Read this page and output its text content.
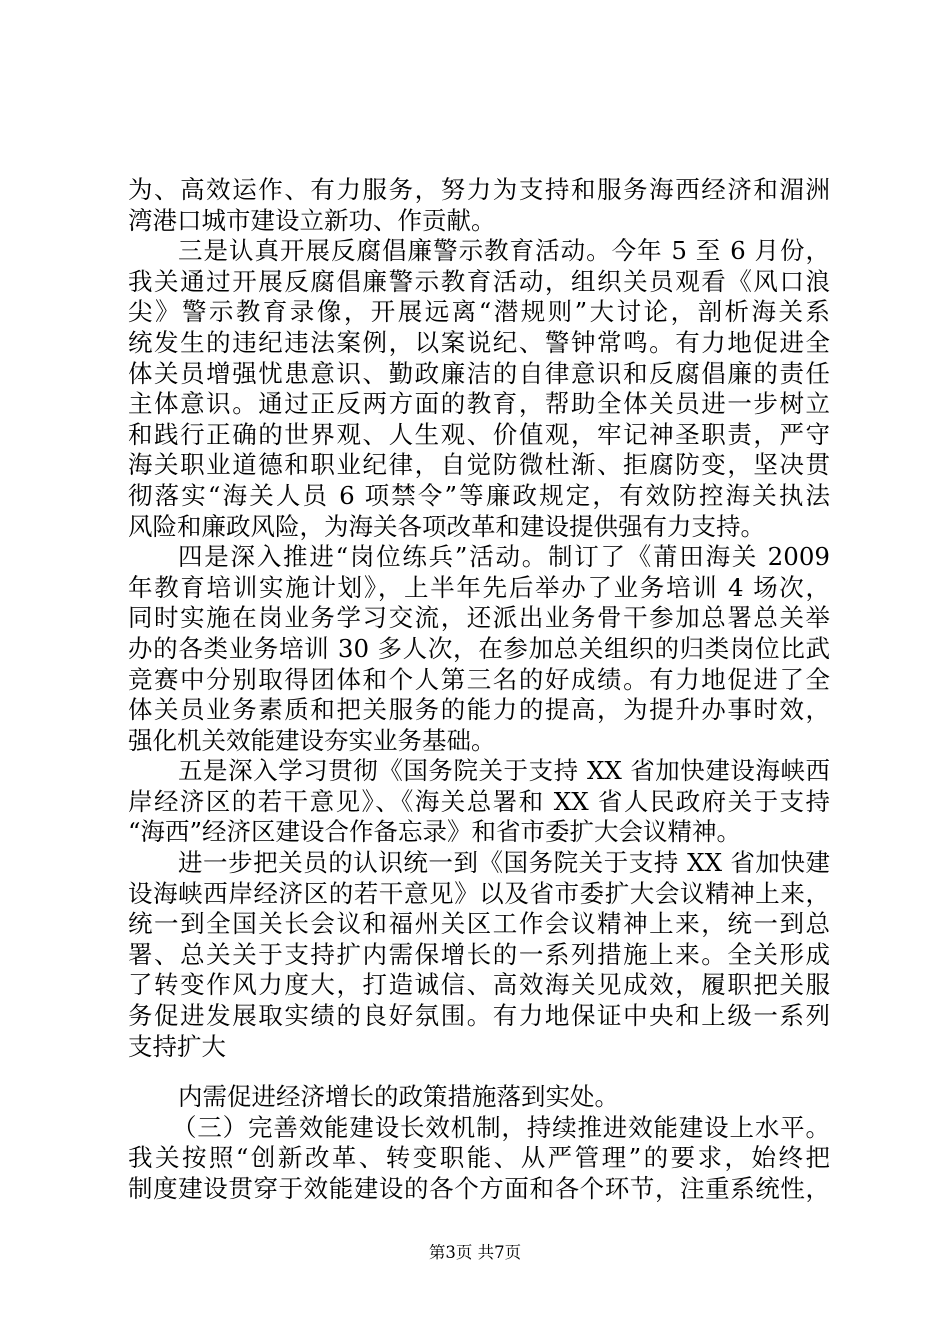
为、高效运作、有力服务，努力为支持和服务海西经济和湄洲
湾港口城市建设立新功、作贡献。
三是认真开展反腐倡廉警示教育活动。今年 5 至 6 月份，
我关通过开展反腐倡廉警示教育活动，组织关员观看《风口浪
尖》警示教育录像，开展远离“潜规则”大讨论，剖析海关系
统发生的违纪违法案例，以案说纪、警钟常鸣。有力地促进全
体关员增强忧患意识、勤政廉洁的自律意识和反腐倡廉的责任
主体意识。通过正反两方面的教育，帮助全体关员进一步树立
和践行正确的世界观、人生观、价值观，牢记神圣职责，严守
海关职业道德和职业纪律，自觉防微杜渐、拒腐防变，坚决贯
彻落实“海关人员 6 项禁令”等廉政规定，有效防控海关执法
风险和廉政风险，为海关各项改革和建设提供强有力支持。
四是深入推进“岗位练兵”活动。制订了《莆田海关 2009
年教育培训实施计划》，上半年先后举办了业务培训 4 场次，
同时实施在岗业务学习交流，还派出业务骨干参加总署总关举
办的各类业务培训 30 多人次，在参加总关组织的归类岗位比武
竞赛中分别取得团体和个人第三名的好成绩。有力地促进了全
体关员业务素质和把关服务的能力的提高，为提升办事时效，
强化机关效能建设夯实业务基础。
五是深入学习贯彻《国务院关于支持 XX 省加快建设海峡西
岸经济区的若干意见》、《海关总署和 XX 省人民政府关于支持
“海西”经济区建设合作备忘录》和省市委扩大会议精神。
进一步把关员的认识统一到《国务院关于支持 XX 省加快建
设海峡西岸经济区的若干意见》以及省市委扩大会议精神上来，
统一到全国关长会议和福州关区工作会议精神上来，统一到总
署、总关关于支持扩内需保增长的一系列措施上来。全关形成
了转变作风力度大，打造诚信、高效海关见成效，履职把关服
务促进发展取实绩的良好氛围。有力地保证中央和上级一系列
支持扩大
内需促进经济增长的政策措施落到实处。
（三）完善效能建设长效机制，持续推进效能建设上水平。
我关按照“创新改革、转变职能、从严管理”的要求，始终把
制度建设贯穿于效能建设的各个方面和各个环节，注重系统性，
第3页 共7页
